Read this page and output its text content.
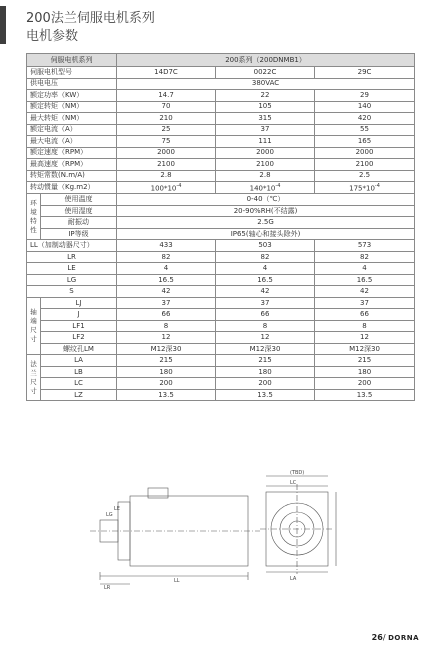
200法兰伺服电机系列
电机参数
伺服电机系列		200系列（200DNMB1）		
伺服电机型号		14D7C	0022C	29C
供电电压		380VAC		
额定功率（KW）		14.7	22	29
额定转矩（NM）		70	105	140
最大转矩（NM）		210	315	420
额定电流（A）		25	37	55
最大电流（A）		75	111	165
额定速度（RPM）		2000	2000	2000
最高速度（RPM）		2100	2100	2100
转矩常数(N.m/A)		2.8	2.8	2.5
转动惯量（Kg.m2）		$100*10^{-4}$	$140*10^{-4}$	$175*10^{-4}$
环境特性	使用温度	0-40（℃）		
	使用湿度	20-90%RH(不结露)		
	耐振动	2.5G		
	IP等级	IP65(轴心和接头除外)		
LL（加制动器尺寸）		433	503	573
LR		82	82	82
LE		4	4	4
LG		16.5	16.5	16.5
S		42	42	42
轴端尺寸	LJ	37	37	37
	J	66	66	66
	LF1	8	8	8
	LF2	12	12	12
	螺纹孔LM	M12深30	M12深30	M12深30
法兰尺寸	LA	215	215	215
	LB	180	180	180
	LC	200	200	200
	LZ	13.5	13.5	13.5
LR
LL
LE
LG
LC
LA
(TBD)
26/ DORNA
